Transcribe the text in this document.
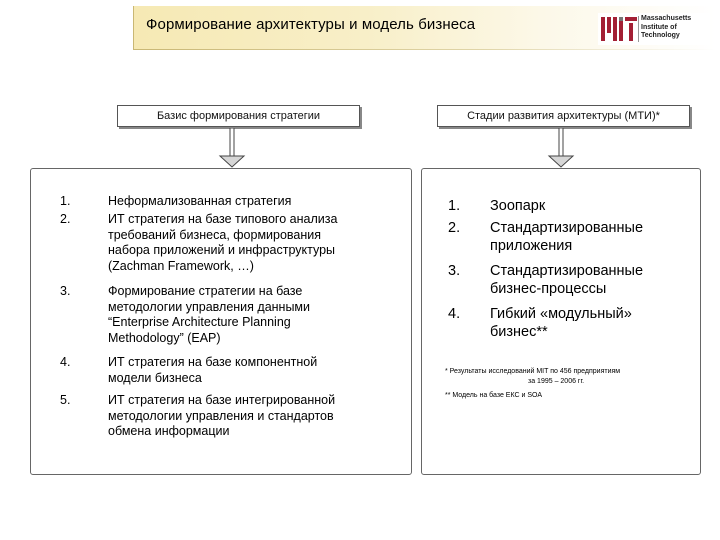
Формирование архитектуры и модель бизнеса	Massachusetts
Institute of
Technology
Базис формирования стратегии	Стадии развития архитектуры (МТИ)*
1.	Неформализованная стратегия
2.	ИТ стратегия на базе типового анализа
требований бизнеса, формирования
набора приложений и инфраструктуры
(Zachman Framework, …)
3.	Формирование стратегии на базе
методологии управления данными
“Enterprise Architecture Planning
Methodology” (EAP)
4.	ИТ стратегия на базе компонентной
модели бизнеса
5.	ИТ стратегия на базе интегрированной
методологии управления и стандартов
обмена информации
1. Зоопарк
2. Стандартизированные
приложения
3. Стандартизированные
бизнес-процессы
4. Гибкий «модульный»
бизнес**
* Результаты исследований MIT по 456 предприятиям
за 1995 – 2006 гг.
** Модель на базе ЕКС и SOA
